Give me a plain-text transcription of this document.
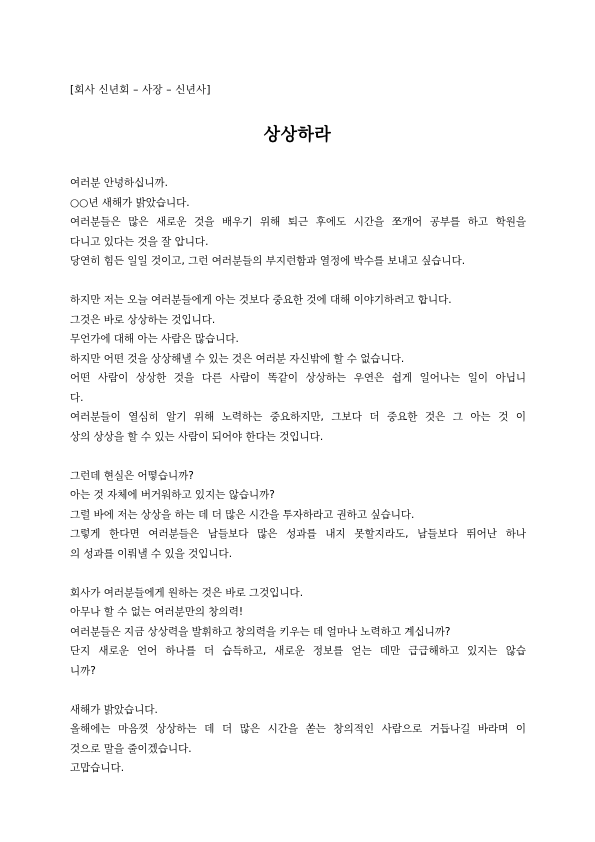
[회사 신년회 – 사장 – 신년사]
상상하라
여러분 안녕하십니까.
○○년 새해가 밝았습니다.
여러분들은 많은 새로운 것을 배우기 위해 퇴근 후에도 시간을 쪼개어 공부를 하고 학원을
다니고 있다는 것을 잘 압니다.
당연히 힘든 일일 것이고, 그런 여러분들의 부지런함과 열정에 박수를 보내고 싶습니다.
하지만 저는 오늘 여러분들에게 아는 것보다 중요한 것에 대해 이야기하려고 합니다.
그것은 바로 상상하는 것입니다.
무언가에 대해 아는 사람은 많습니다.
하지만 어떤 것을 상상해낼 수 있는 것은 여러분 자신밖에 할 수 없습니다.
어떤 사람이 상상한 것을 다른 사람이 똑같이 상상하는 우연은 쉽게 일어나는 일이 아닙니
다.
여러분들이 열심히 알기 위해 노력하는 중요하지만, 그보다 더 중요한 것은 그 아는 것 이
상의 상상을 할 수 있는 사람이 되어야 한다는 것입니다.
그런데 현실은 어떻습니까?
아는 것 자체에 버거워하고 있지는 않습니까?
그럴 바에 저는 상상을 하는 데 더 많은 시간을 투자하라고 권하고 싶습니다.
그렇게 한다면 여러분들은 남들보다 많은 성과를 내지 못할지라도, 남들보다 뛰어난 하나
의 성과를 이뤄낼 수 있을 것입니다.
회사가 여러분들에게 원하는 것은 바로 그것입니다.
아무나 할 수 없는 여러분만의 창의력!
여러분들은 지금 상상력을 발휘하고 창의력을 키우는 데 얼마나 노력하고 계십니까?
단지 새로운 언어 하나를 더 습득하고, 새로운 정보를 얻는 데만 급급해하고 있지는 않습
니까?
새해가 밝았습니다.
올해에는 마음껏 상상하는 데 더 많은 시간을 쏟는 창의적인 사람으로 거듭나길 바라며 이
것으로 말을 줄이겠습니다.
고맙습니다.
